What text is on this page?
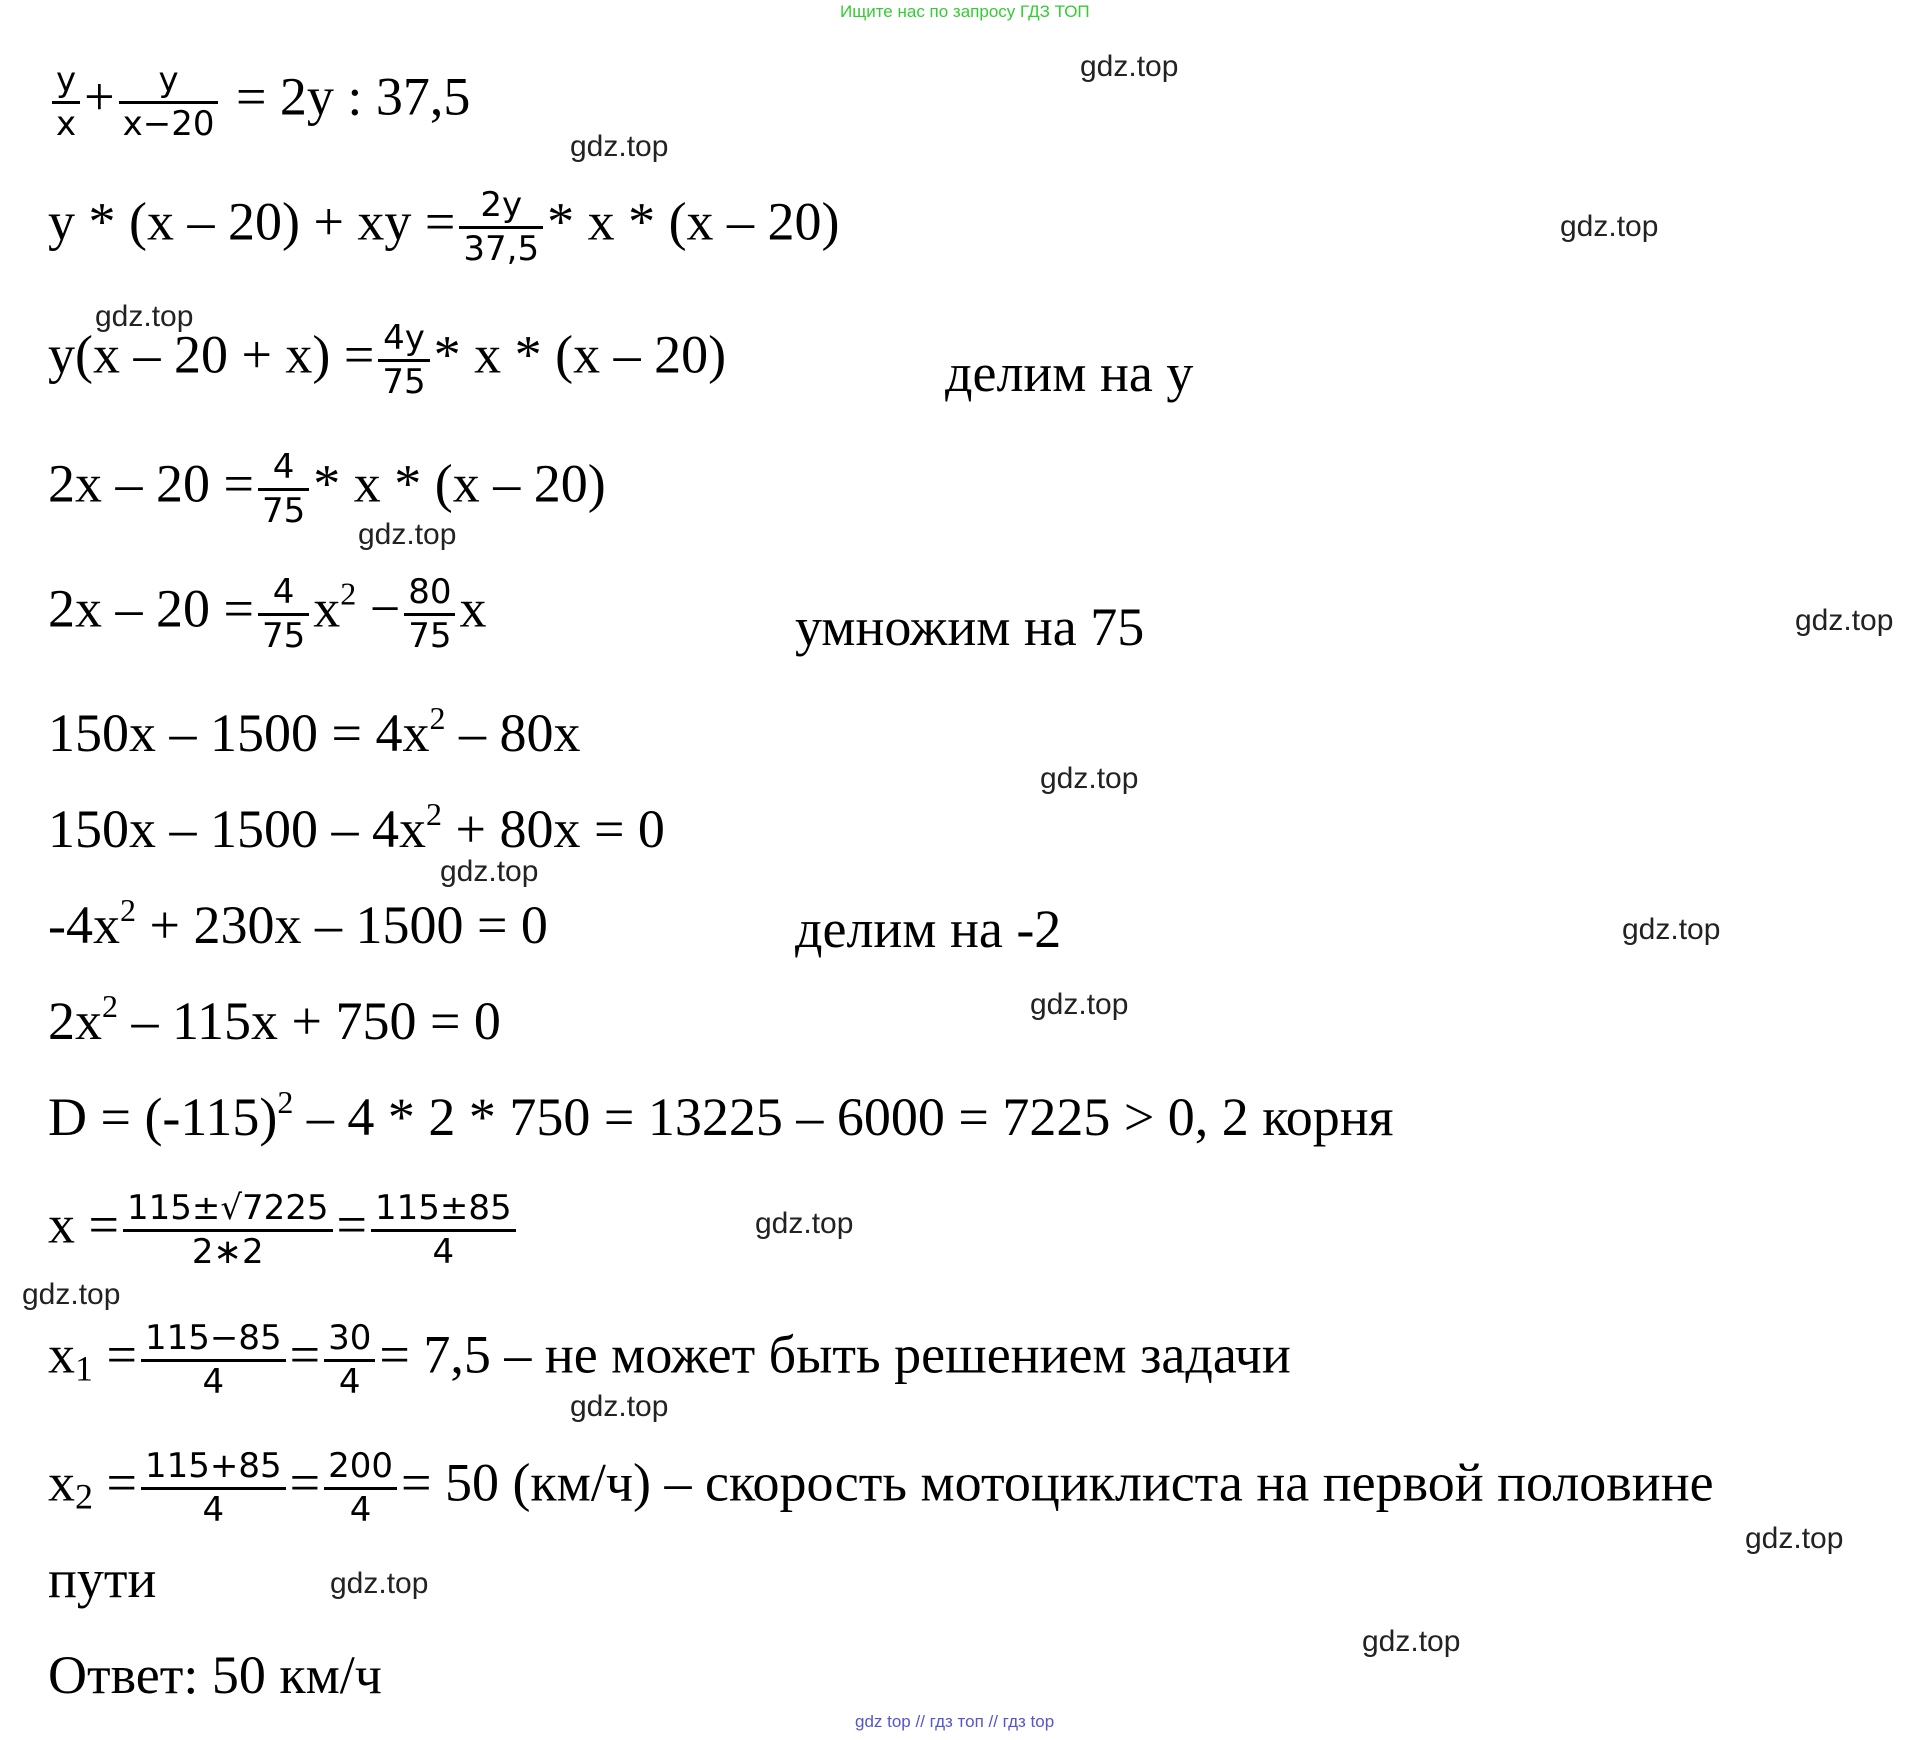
Ищите нас по запросу ГДЗ ТОП
gdz top // гдз топ // гдз top
gdz.top
gdz.top
gdz.top
gdz.top
gdz.top
gdz.top
gdz.top
gdz.top
gdz.top
gdz.top
gdz.top
gdz.top
gdz.top
gdz.top
gdz.top
gdz.top
$\frac{y}{x} + \frac{y}{x-20} = 2y$ : 37,5
y * (x – 20) + xy = $\frac{2y}{37,5}$ * x * (x – 20)
$y(x - 20 + x) = \frac{4y}{75} * x * (x - 20)$	делим на y
$2x - 20 = \frac{4}{75} * x * (x - 20)$
$2x - 20 = \frac{4}{75} x^2 - \frac{80}{75}$ x	умножим на 75
$150x - 1500 = 4x^2 - 80x$
$150x - 1500 - 4x^2 + 80x = 0$
$-4x^2 + 230x - 1500 = 0$	делим на -2
$2x^2 - 115x + 750 = 0$
$D = (-115)^2 - 4 * 2 * 750 = 13225 - 6000 = 7225 > 0$, 2 корня
$x = \frac{115\pm√7225}{2∗2} = \frac{115\pm 85}{4}$
$x_1 = \frac{115-85}{4} = \frac{30}{4} = 7,5$ – не может быть решением задачи
$x_2 = \frac{115+85}{4} = \frac{200}{4} = 50$ (км/ч) – скорость мотоциклиста на первой половине
пути
Ответ: 50 км/ч
